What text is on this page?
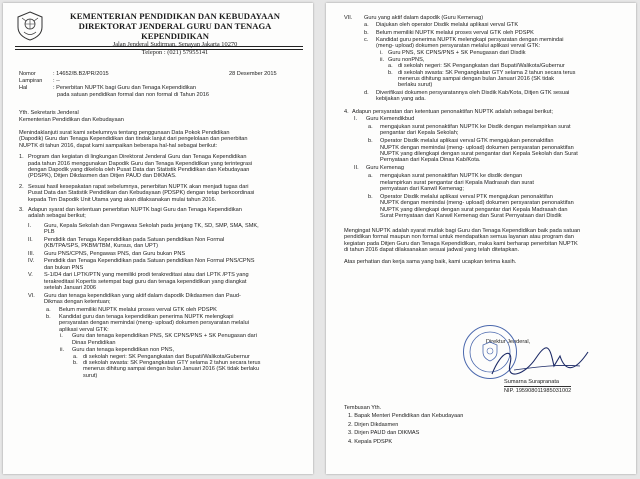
KEMENTERIAN PENDIDIKAN DAN KEBUDAYAAN
DIREKTORAT JENDERAL GURU DAN TENAGA KEPENDIDIKAN
Jalan Jenderal Sudirman, Senayan Jakarta 10270
Telepon : (021) 57955141
Nomor	: 14652/B.B2/PR/2015	28 Desember 2015
Lampiran : --
Hal	: Penerbitan NUPTK bagi Guru dan Tenaga Kependidikan
pada satuan pendidikan formal dan non formal di Tahun 2016
Yth. Sekretaris Jenderal
Kementerian Pendidikan dan Kebudayaan
Menindaklanjuti surat kami sebelumnya tentang penggunaan Data Pokok Pendidikan
(Dapodik) Guru dan Tenaga Kependidikan dan tindak lanjut dari pengelolaan dan penerbitan
NUPTK di tahun 2016, dapat kami sampaikan beberapa hal-hal sebagai berikut:
1. Program dan kegiatan di lingkungan Direktorat Jenderal Guru dan Tenaga Kependidikan
pada tahun 2016 menggunakan Dapodik Guru dan Tenaga Kependidikan yang terintegrasi
dengan Dapodik yang dikelola oleh Pusat Data dan Statistik Pendidikan dan Kebudayaan
(PDSPK), Ditjen Dikdasmen dan Ditjen PAUD dan DIKMAS.
2. Sesuai hasil kesepakatan rapat sebelumnya, penerbitan NUPTK akan menjadi tugas dari
Pusat Data dan Statistik Pendidikan dan Kebudayaan (PDSPK) dengan tetap berkoordinasi
kepada Tim Dapodik Unit Utama yang akan dilaksanakan mulai tahun 2016.
3. Adapun syarat dan ketentuan penerbitan NUPTK bagi Guru dan Tenaga Kependidikan
adalah sebagai berikut;
I. Guru, Kepala Sekolah dan Pengawas Sekolah pada jenjang TK, SD, SMP, SMA, SMK,
PLB
II. Pendidik dan Tenaga Kependidikan pada Satuan pendidikan Non Formal
(KB/TPA/SPS, PKBM/TBM, Kursus, dan UPT)
III. Guru PNS/CPNS, Pengawas PNS, dan Guru bukan PNS
IV. Pendidik dan Tenaga Kependidikan pada Satuan pendidikan Non Formal PNS/CPNS
dan bukan PNS
V. S-1/D4 dari LPTK/PTN yang memiliki prodi terakreditasi atau dari LPTK /PTS yang
terakreditasi Kopertis setempat bagi guru dan tenaga kependidikan yang diangkat
setelah Januari 2006
VI. Guru dan tenaga kependidikan yang aktif dalam dapodik Dikdasmen dan Paud-
Dikmas dengan ketentuan;
a. Belum memiliki NUPTK melalui proses verval GTK oleh PDSPK
b. Kandidat guru dan tenaga kependidikan penerima NUPTK melengkapi
persyaratan dengan memindai (meng- upload) dokumen persyaratan melalui
aplikasi verval GTK:
i. Guru dan tenaga kependidikan PNS, SK CPNS/PNS + SK Penugasan dari
Dinas Pendidikan
ii. Guru dan tenaga kependidikan non PNS,
a. di sekolah negeri: SK Pengangkatan dari Bupati/Walikota/Gubernur
b. di sekolah swasta: SK Pengangkatan GTY selama 2 tahun secara terus
menerus dihitung sampai dengan bulan Januari 2016 (SK tidak berlaku
surut)
VII. Guru yang aktif dalam dapodik (Guru Kemenag)
a. Diajukan oleh operator Disdik melalui aplikasi verval GTK
b. Belum memiliki NUPTK melalui proses verval GTK oleh PDSPK
c. Kandidat guru penerima NUPTK melengkapi persyaratan dengan memindai
(meng- upload) dokumen persyaratan melalui aplikasi verval GTK:
i. Guru PNS, SK CPNS/PNS + SK Penugasan dari Disdik
ii. Guru nonPNS,
a. di sekolah negeri: SK Pengangkatan dari Bupati/Walikota/Gubernur
b. di sekolah swasta: SK Pengangkatan GTY selama 2 tahun secara terus
menerus dihitung sampai dengan bulan Januari 2016 (SK tidak
berlaku surut)
d. Diverifikasi dokumen persyaratannya oleh Disdik Kab/Kota, Ditjen GTK sesuai
kebijakan yang ada.
4. Adapun persyaratan dan ketentuan penonaktifan NUPTK adalah sebagai berikut;
I. Guru Kemendikbud
a. mengajukan surat penonaktifan NUPTK ke Disdik dengan melampirkan surat
pengantar dari Kepala Sekolah;
b. Operator Disdik melalui aplikasi verval GTK mengajukan penonaktifan
NUPTK dengan memindai (meng- upload) dokumen persyaratan penonaktifan
NUPTK yang dilengkapi dengan surat pengantar dari Kepala Sekolah dan Surat
Pernyataan dari Kepala Dinas Kab/Kota.
II. Guru Kemenag
a. mengajukan surat penonaktifan NUPTK ke disdik dengan
melampirkan surat pengantar dari Kepala Madrasah dan surat
pernyataan dari Kanwil Kemenag;
b. Operator Disdik melalui aplikasi verval PTK mengajukan penonaktifan
NUPTK dengan memindai (meng- upload) dokumen persyaratan penonaktifan
NUPTK yang dilengkapi dengan surat pengantar dari Kepala Madrasah dan
Surat Pernyataan dari Kanwil Kemenag dan Surat Pernyataan dari Disdik
Mengingat NUPTK adalah syarat mutlak bagi Guru dan Tenaga Kependidikan baik pada satuan
pendidikan formal maupun non formal untuk mendapatkan semua layanan atau program dan
kegiatan pada Ditjen Guru dan Tenaga Kependidikan, maka kami berharap penerbitan NUPTK
di tahun 2016 dapat dilaksanakan sesuai jadwal yang telah ditetapkan.
Atas perhatian dan kerja sama yang baik, kami ucapkan terima kasih.
Direktur Jenderal,
Sumarna Surapranata
NIP. 195908011985031002
Tembusan Yth.
1. Bapak Menteri Pendidikan dan Kebudayaan
2. Dirjen Dikdasmen
3. Dirjen PAUD dan DIKMAS
4. Kepala PDSPK
